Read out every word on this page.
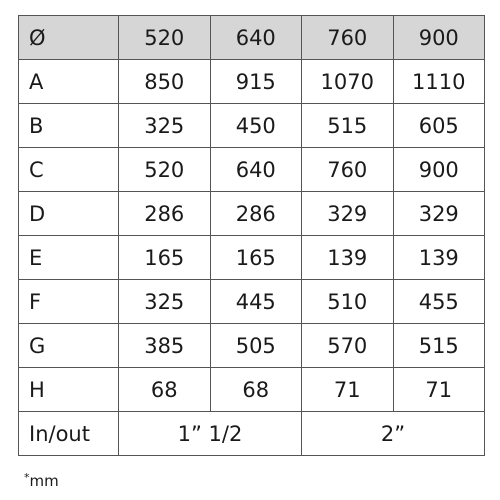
Ø	520	640	760	900
A	850	915	1070	1110
B	325	450	515	605
C	520	640	760	900
D	286	286	329	329
E	165	165	139	139
F	325	445	510	455
G	385	505	570	515
H	68	68	71	71
In/out	1” 1/2		2”	
*mm
